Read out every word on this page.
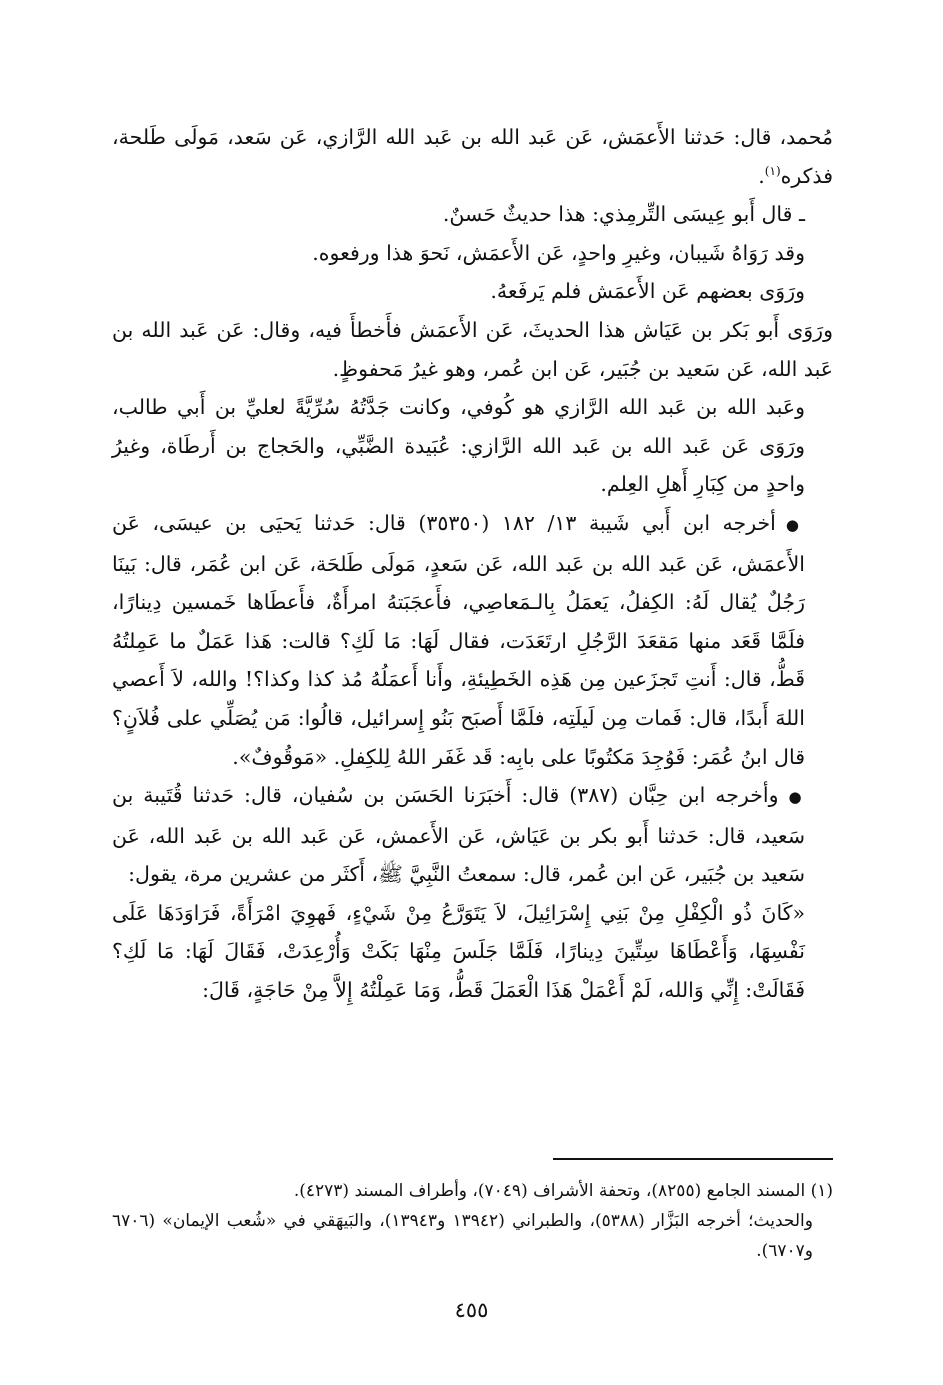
مُحمد، قال: حَدثنا الأَعمَش، عَن عَبد الله بن عَبد الله الرَّازي، عَن سَعد، مَولَى طَلحة، فذكره$^{(١)}$.

ـ قال أَبو عِيسَى التِّرمِذي: هذا حديثٌ حَسنٌ.

وقد رَوَاهُ شَيبان، وغيرِ واحدٍ، عَن الأَعمَش، نَحوَ هذا ورفعوه.

ورَوَى بعضهم عَن الأَعمَش فلم يَرفَعهُ.

ورَوَى أَبو بَكر بن عَيَاش هذا الحديثَ، عَن الأَعمَش فأَخطأَ فيه، وقال: عَن عَبد الله بن عَبد الله، عَن سَعيد بن جُبَير، عَن ابن عُمر، وهو غيرُ مَحفوظٍ.

وعَبد الله بن عَبد الله الرَّازي هو كُوفي، وكانت جَدَّتُهُ سُرِّيَّةً لعليِّ بن أَبي طالب، ورَوَى عَن عَبد الله بن عَبد الله الرَّازي: عُبَيدة الضَّبِّي، والحَجاج بن أَرطَاة، وغيرُ واحدٍ من كِبَارِ أَهلِ العِلم.

●أخرجه ابن أَبي شَيبة ١٣/ ١٨٢ (٣٥٣٥٠) قال: حَدثنا يَحيَى بن عيسَى، عَن الأَعمَش، عَن عَبد الله بن عَبد الله، عَن سَعدٍ، مَولَى طَلحَة، عَن ابن عُمَر، قال: بَينَا رَجُلٌ يُقال لَهُ: الكِفلُ، يَعمَلُ بِالـمَعاصِي، فأَعجَبَتهُ امرأَةٌ، فأَعطَاها خَمسين دِينارًا، فلَمَّا قَعَد منها مَقعَدَ الرَّجُلِ ارتَعَدَت، فقال لَهَا: مَا لَكِ؟ قالت: هَذا عَمَلٌ ما عَمِلتُهُ قَطُّ، قال: أَنتِ تَجزَعين مِن هَذِه الخَطِيئةِ، وأَنا أَعمَلُهُ مُذ كذا وكذا؟! والله، لاَ أَعصي اللهَ أَبدًا، قال: فَمات مِن لَيلَتِه، فلَمَّا أَصبَح بَنُو إِسرائيل، قالُوا: مَن يُصَلِّي على فُلاَنٍ؟ قال ابنُ عُمَر: فَوُجِدَ مَكتُوبًا على بابِه: قَد غَفَر اللهُ لِلكِفلِ. «مَوقُوفٌ».

●وأخرجه ابن حِبَّان (٣٨٧) قال: أَخبَرَنا الحَسَن بن سُفيان، قال: حَدثنا قُتَيبة بن سَعيد، قال: حَدثنا أَبو بكر بن عَيَاش، عَن الأَعمش، عَن عَبد الله بن عَبد الله، عَن سَعيد بن جُبَير، عَن ابن عُمر، قال: سمعتُ النَّبِيَّ ﷺ، أَكثَر من عشرين مرة، يقول:

«كَانَ ذُو الْكِفْلِ مِنْ بَنِي إِسْرَائِيلَ، لاَ يَتَوَرَّعُ مِنْ شَيْءٍ، فَهوِيَ امْرَأَةً، فَرَاوَدَهَا عَلَى نَفْسِهَا، وَأَعْطَاهَا سِتِّينَ دِينارًا، فَلَمَّا جَلَسَ مِنْهَا بَكَتْ وَأُرْعِدَتْ، فَقَالَ لَهَا: مَا لَكِ؟ فَقَالَتْ: إِنِّي وَالله، لَمْ أَعْمَلْ هَذَا الْعَمَلَ قَطُّ، وَمَا عَمِلْتُهُ إِلاَّ مِنْ حَاجَةٍ، قَالَ:

(١) المسند الجامع (٨٢٥٥)، وتحفة الأشراف (٧٠٤٩)، وأطراف المسند (٤٢٧٣).

والحديث؛ أخرجه البَزَّار (٥٣٨٨)، والطبراني (١٣٩٤٢ و١٣٩٤٣)، والبَيهَقي في «شُعب الإيمان» (٦٧٠٦ و٦٧٠٧).

٤٥٥
